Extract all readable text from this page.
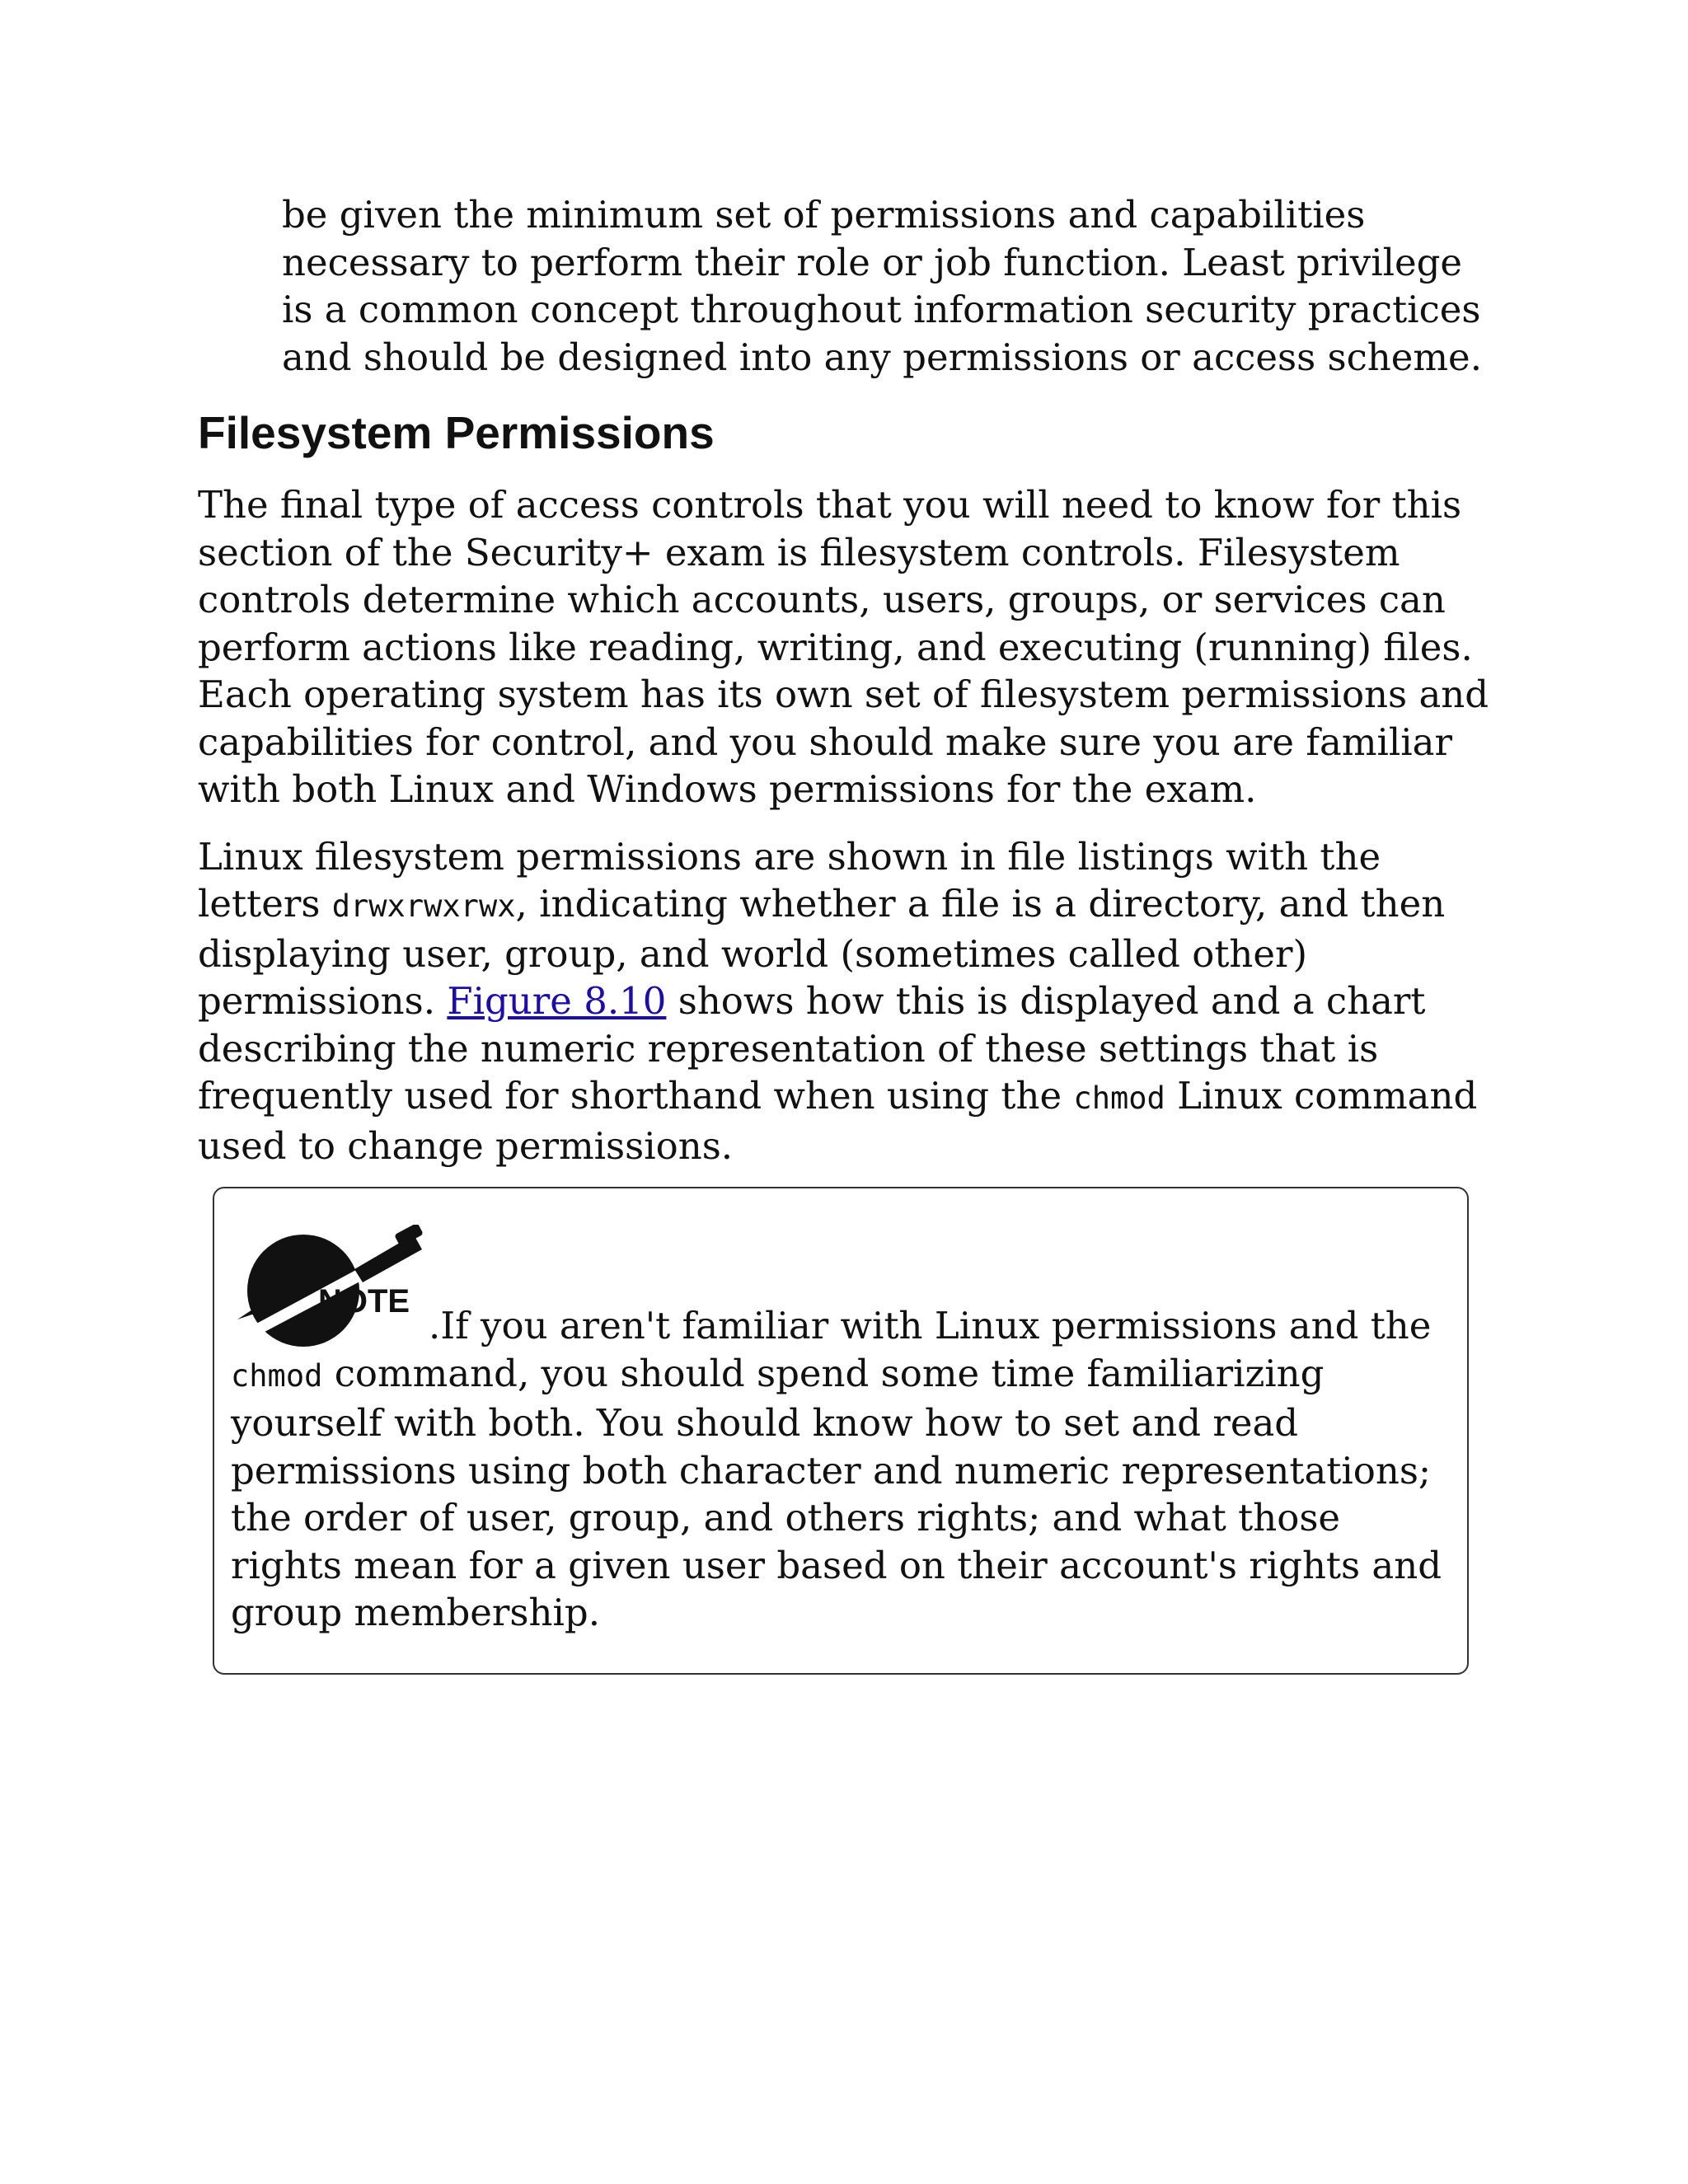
be given the minimum set of permissions and capabilities necessary to perform their role or job function. Least privilege is a common concept throughout information security practices and should be designed into any permissions or access scheme.

Filesystem Permissions

The final type of access controls that you will need to know for this section of the Security+ exam is filesystem controls. Filesystem controls determine which accounts, users, groups, or services can perform actions like reading, writing, and executing (running) files. Each operating system has its own set of filesystem permissions and capabilities for control, and you should make sure you are familiar with both Linux and Windows permissions for the exam.

Linux filesystem permissions are shown in file listings with the letters drwxrwxrwx, indicating whether a file is a directory, and then displaying user, group, and world (sometimes called other) permissions. Figure 8.10 shows how this is displayed and a chart describing the numeric representation of these settings that is frequently used for shorthand when using the chmod Linux command used to change permissions.

NOTE
.If you aren't familiar with Linux permissions and the chmod command, you should spend some time familiarizing yourself with both. You should know how to set and read permissions using both character and numeric representations; the order of user, group, and others rights; and what those rights mean for a given user based on their account's rights and group membership.
